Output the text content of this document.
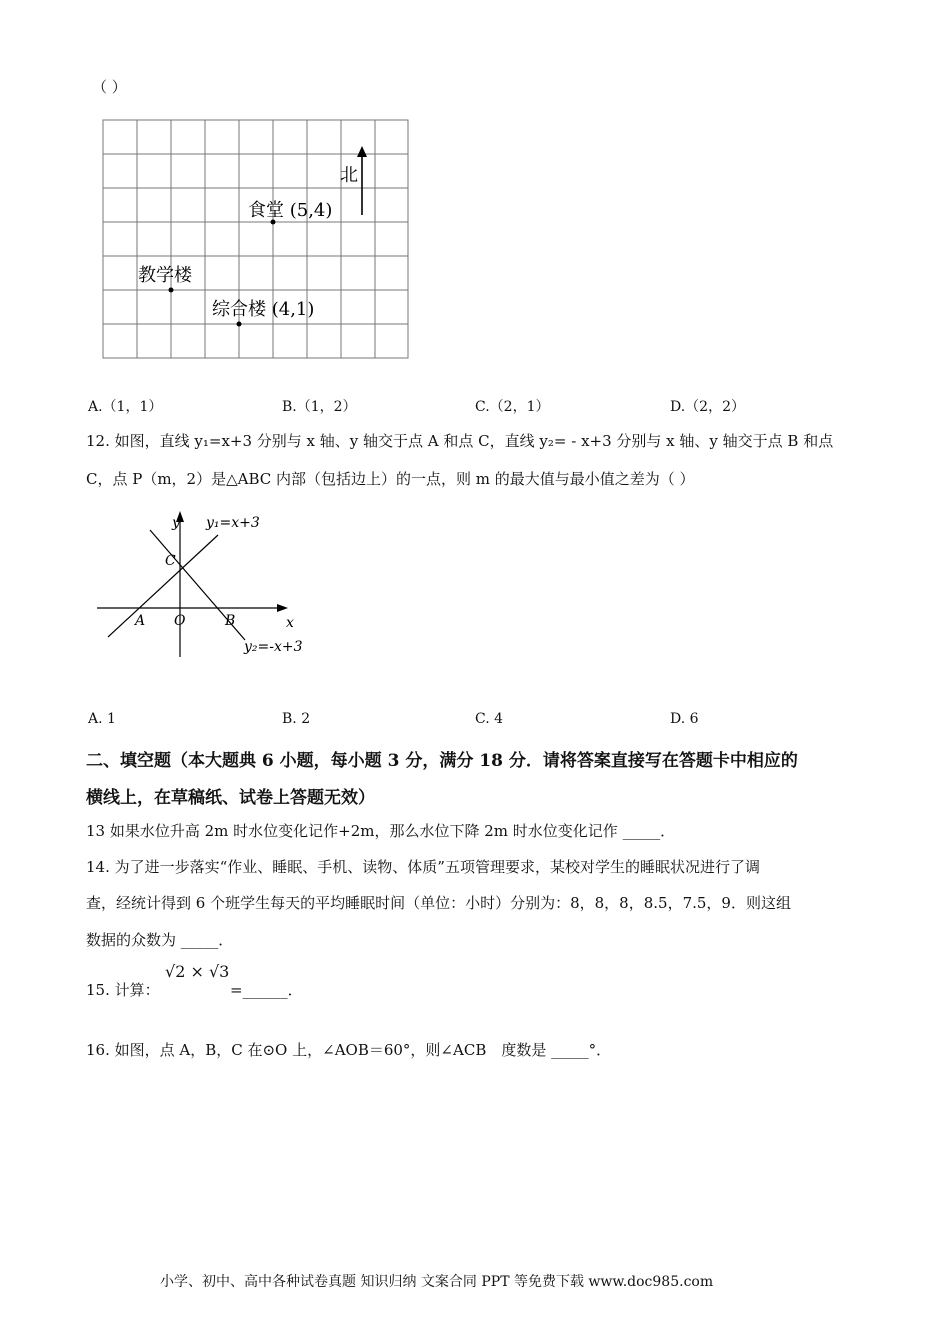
（ ）
北
食堂 (5,4)
教学楼
综合楼 (4,1)
A.（1，1）	B.（1，2）	C.（2，1）	D.（2，2）
12. 如图，直线 y₁=x+3 分别与 x 轴、y 轴交于点 A 和点 C，直线 y₂= - x+3 分别与 x 轴、y 轴交于点 B 和点
C，点 P（m，2）是△ABC 内部（包括边上）的一点，则 m 的最大值与最小值之差为（ ）
y
x
y₁=x+3
y₂=-x+3
A O	B
C
A. 1	B. 2	C. 4	D. 6
二、填空题（本大题典 6 小题，每小题 3 分，满分 18 分．请将答案直接写在答题卡中相应的
横线上，在草稿纸、试卷上答题无效）
13 如果水位升高 2m 时水位变化记作+2m，那么水位下降 2m 时水位变化记作 _____．
14. 为了进一步落实“作业、睡眠、手机、读物、体质”五项管理要求，某校对学生的睡眠状况进行了调
查，经统计得到 6 个班学生每天的平均睡眠时间（单位：小时）分别为：8，8，8，8.5，7.5，9．则这组
数据的众数为 _____．
15. 计算：
√2 × √3
=______．
16. 如图，点 A，B，C 在⊙O 上，∠AOB＝60°，则∠ACB　度数是 _____°．
小学、初中、高中各种试卷真题 知识归纳 文案合同 PPT 等免费下载 www.doc985.com
